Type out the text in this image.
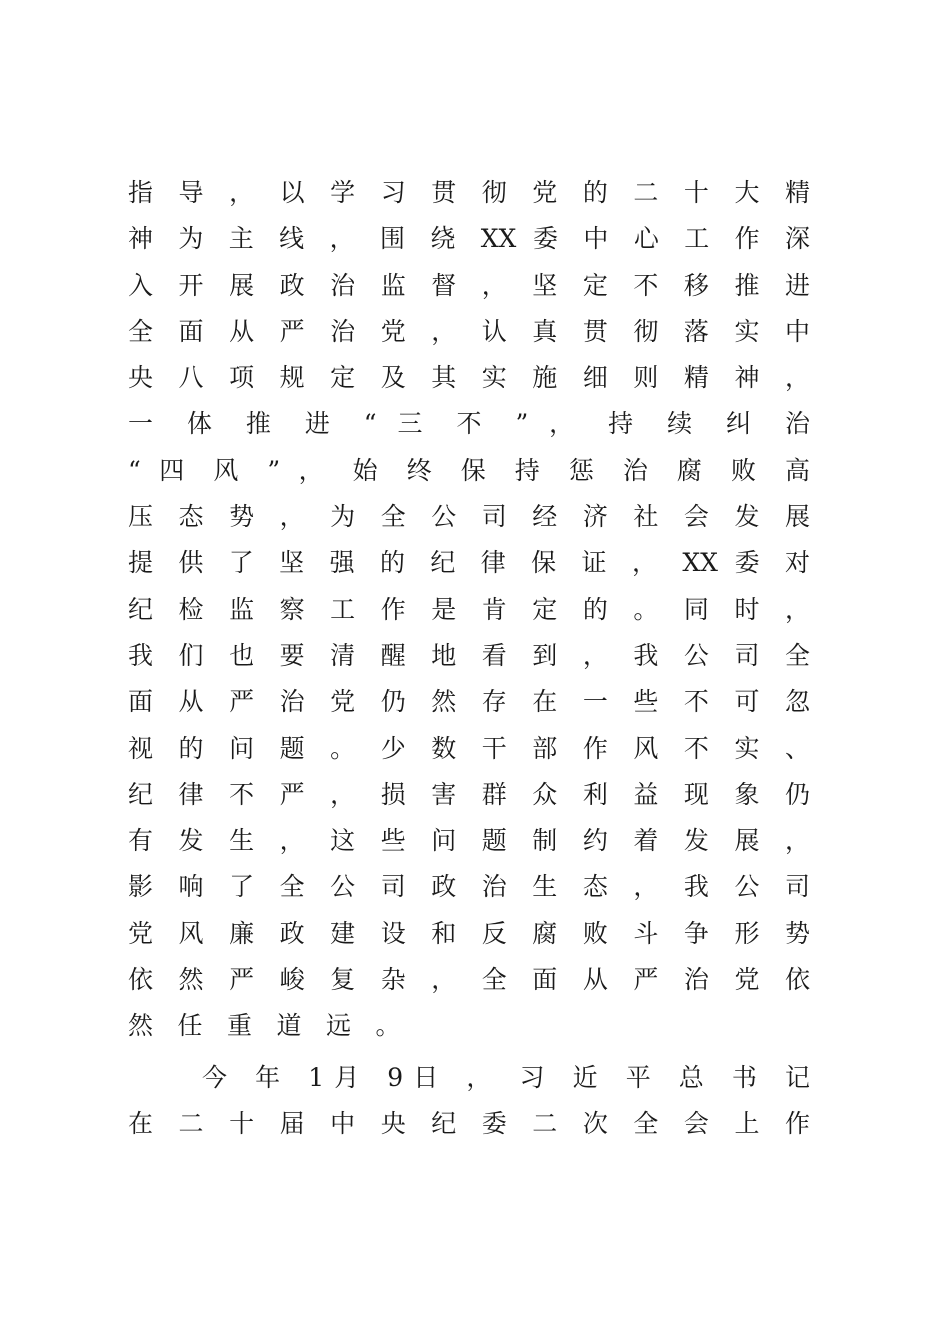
指 导 ， 以 学 习 贯 彻 党 的 二 十 大 精
神 为 主 线 ， 围 绕 XX 委 中 心 工 作 深
入 开 展 政 治 监 督 ， 坚 定 不 移 推 进
全 面 从 严 治 党 ， 认 真 贯 彻 落 实 中
央 八 项 规 定 及 其 实 施 细 则 精 神 ，
一 体 推 进 “ 三 不 ” ， 持 续 纠 治
“ 四 风 ” ， 始 终 保 持 惩 治 腐 败 高
压 态 势 ， 为 全 公 司 经 济 社 会 发 展
提 供 了 坚 强 的 纪 律 保 证 ， XX 委 对
纪 检 监 察 工 作 是 肯 定 的 。 同 时 ，
我 们 也 要 清 醒 地 看 到 ， 我 公 司 全
面 从 严 治 党 仍 然 存 在 一 些 不 可 忽
视 的 问 题 。 少 数 干 部 作 风 不 实 、
纪 律 不 严 ， 损 害 群 众 利 益 现 象 仍
有 发 生 ， 这 些 问 题 制 约 着 发 展 ，
影 响 了 全 公 司 政 治 生 态 ， 我 公 司
党 风 廉 政 建 设 和 反 腐 败 斗 争 形 势
依 然 严 峻 复 杂 ， 全 面 从 严 治 党 依
然任重道远。
今 年 1月 9日 ， 习 近 平 总 书 记
在 二 十 届 中 央 纪 委 二 次 全 会 上 作
